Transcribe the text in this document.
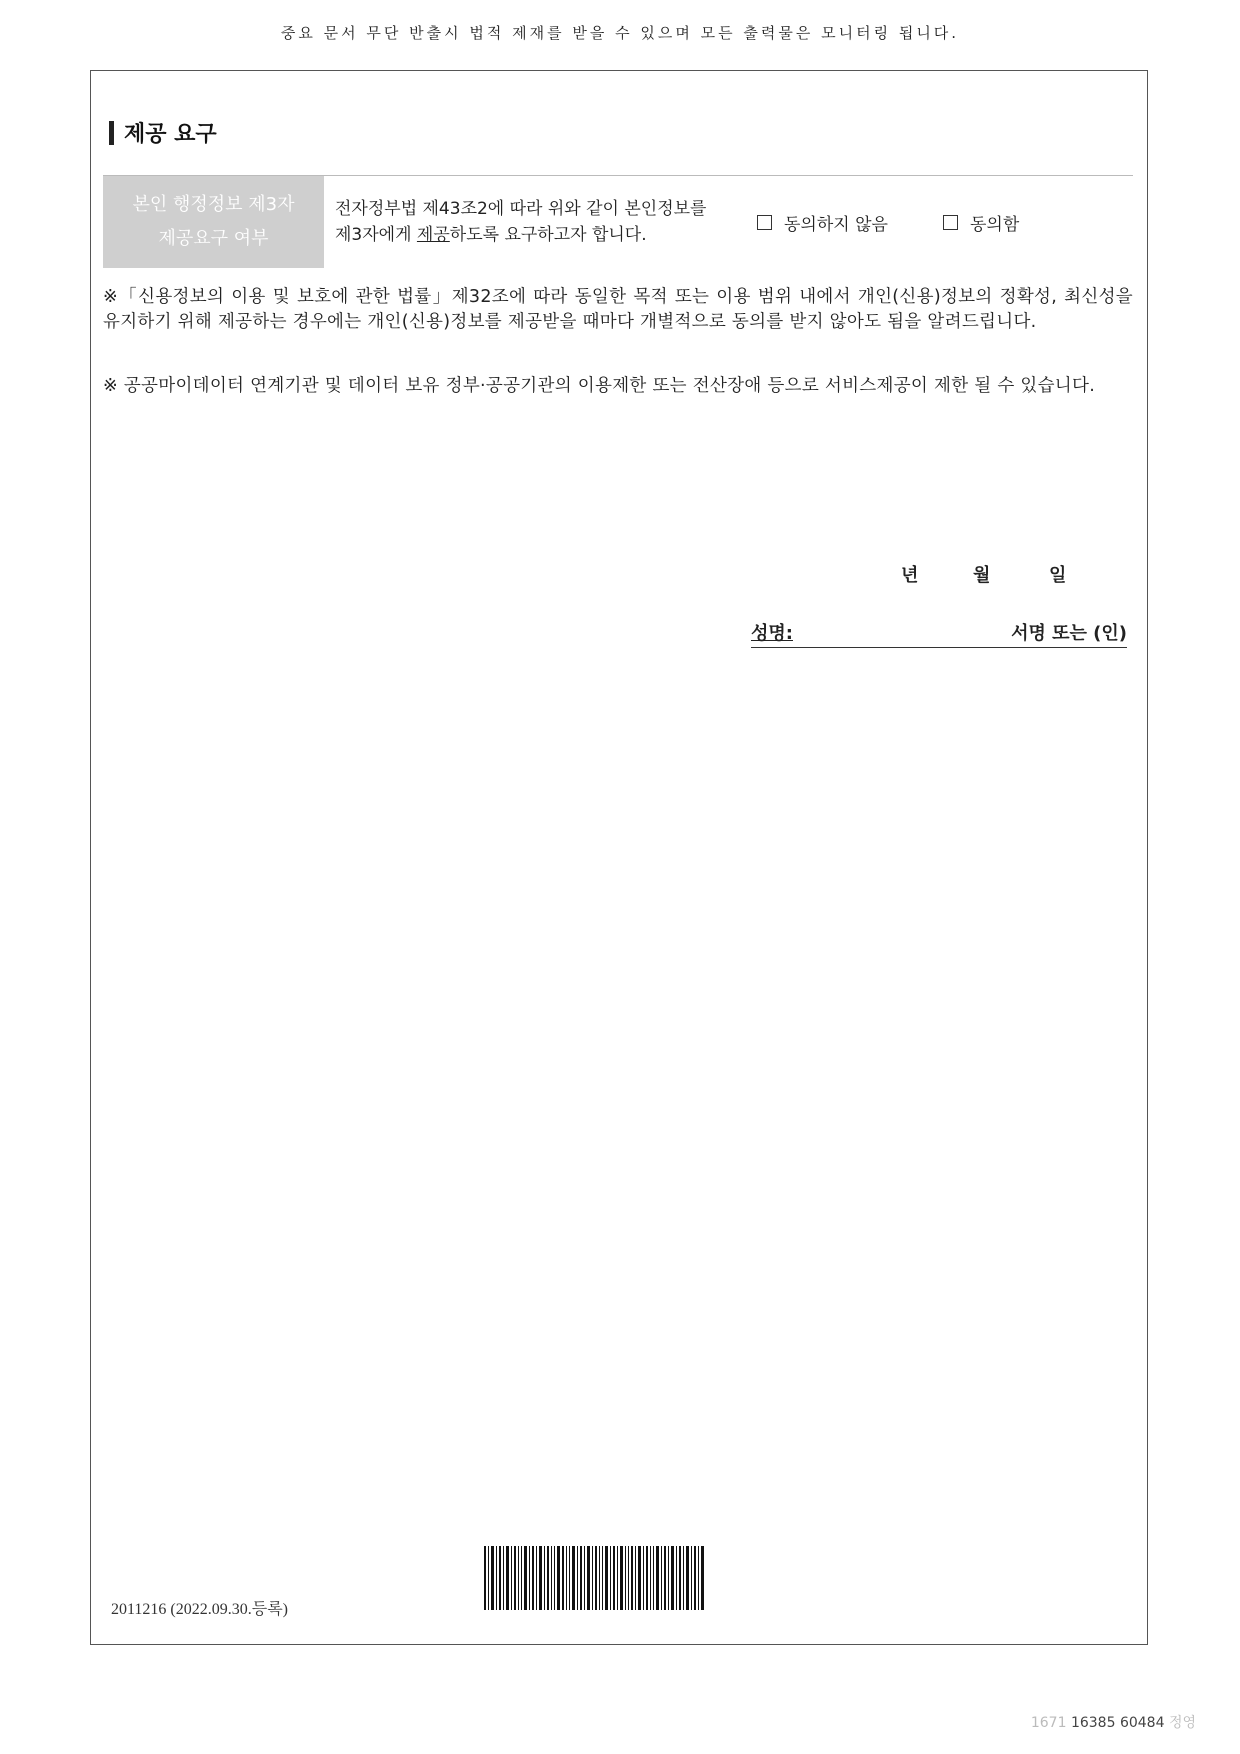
중요 문서 무단 반출시 법적 제재를 받을 수 있으며 모든 출력물은 모니터링 됩니다.
제공 요구
본인 행정정보 제3자
제공요구 여부
전자정부법 제43조2에 따라 위와 같이 본인정보를
제3자에게 제공하도록 요구하고자 합니다.	동의하지 않음	동의함
※「신용정보의 이용 및 보호에 관한 법률」제32조에 따라 동일한 목적 또는 이용 범위 내에서 개인(신용)정보의 정확성, 최신성을 유지하기 위해 제공하는 경우에는 개인(신용)정보를 제공받을 때마다 개별적으로 동의를 받지 않아도 됨을 알려드립니다.
※ 공공마이데이터 연계기관 및 데이터 보유 정부·공공기관의 이용제한 또는 전산장애 등으로 서비스제공이 제한 될 수 있습니다.
년	월	일
성명:	서명 또는 (인)
2011216 (2022.09.30.등록)
1671 16385 60484 정영
